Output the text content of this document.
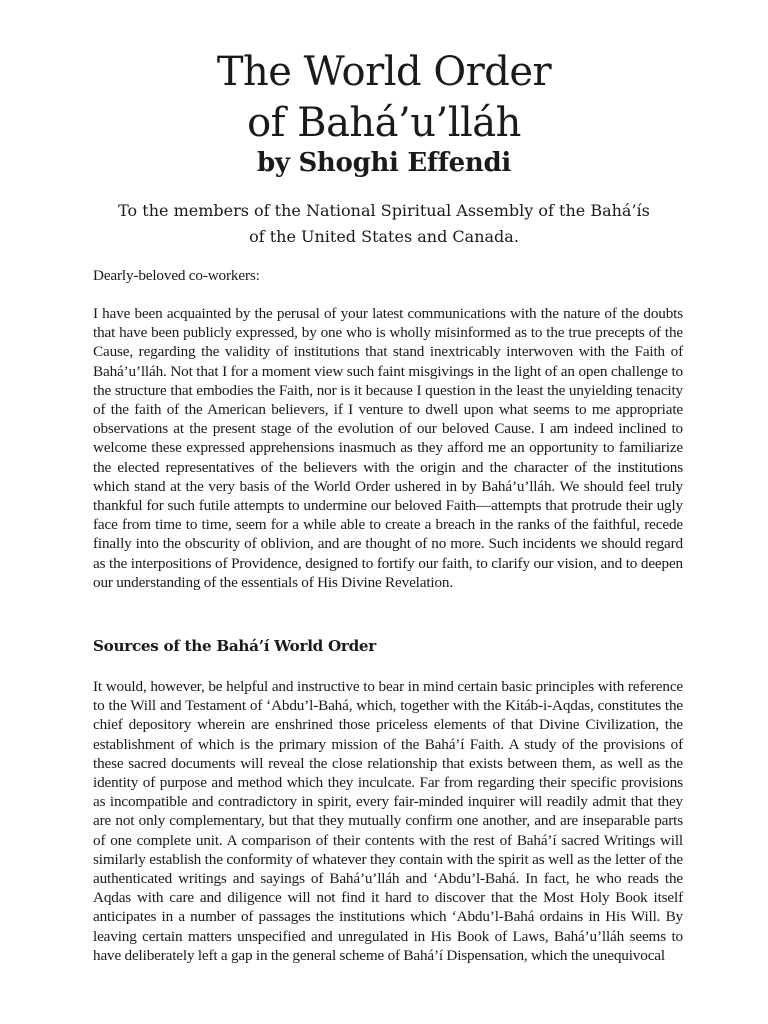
The World Order
of Bahá’u’lláh
by Shoghi Effendi

To the members of the National Spiritual Assembly of the Bahá’ís

of the United States and Canada.

Dearly-beloved co-workers:

I have been acquainted by the perusal of your latest communications with the nature of the doubts that have been publicly expressed, by one who is wholly misinformed as to the true precepts of the Cause, regarding the validity of institutions that stand inextricably interwoven with the Faith of Bahá’u’lláh. Not that I for a moment view such faint misgivings in the light of an open challenge to the structure that embodies the Faith, nor is it because I question in the least the unyielding tenacity of the faith of the American believers, if I venture to dwell upon what seems to me appropriate observations at the present stage of the evolution of our beloved Cause. I am indeed inclined to welcome these expressed apprehensions inasmuch as they afford me an opportunity to familiarize the elected representatives of the believers with the origin and the character of the institutions which stand at the very basis of the World Order ushered in by Bahá’u’lláh. We should feel truly thankful for such futile attempts to undermine our beloved Faith—attempts that protrude their ugly face from time to time, seem for a while able to create a breach in the ranks of the faithful, recede finally into the obscurity of oblivion, and are thought of no more. Such incidents we should regard as the interpositions of Providence, designed to fortify our faith, to clarify our vision, and to deepen our understanding of the essentials of His Divine Revelation.

Sources of the Bahá’í World Order

It would, however, be helpful and instructive to bear in mind certain basic principles with reference to the Will and Testament of ‘Abdu’l-Bahá, which, together with the Kitáb-i-Aqdas, constitutes the chief depository wherein are enshrined those priceless elements of that Divine Civilization, the establishment of which is the primary mission of the Bahá’í Faith. A study of the provisions of these sacred documents will reveal the close relationship that exists between them, as well as the identity of purpose and method which they inculcate. Far from regarding their specific provisions as incompatible and contradictory in spirit, every fair-minded inquirer will readily admit that they are not only complementary, but that they mutually confirm one another, and are inseparable parts of one complete unit. A comparison of their contents with the rest of Bahá’í sacred Writings will similarly establish the conformity of whatever they contain with the spirit as well as the letter of the authenticated writings and sayings of Bahá’u’lláh and ‘Abdu’l-Bahá. In fact, he who reads the Aqdas with care and diligence will not find it hard to discover that the Most Holy Book itself anticipates in a number of passages the institutions which ‘Abdu’l-Bahá ordains in His Will. By leaving certain matters unspecified and unregulated in His Book of Laws, Bahá’u’lláh seems to have deliberately left a gap in the general scheme of Bahá’í Dispensation, which the unequivocal
